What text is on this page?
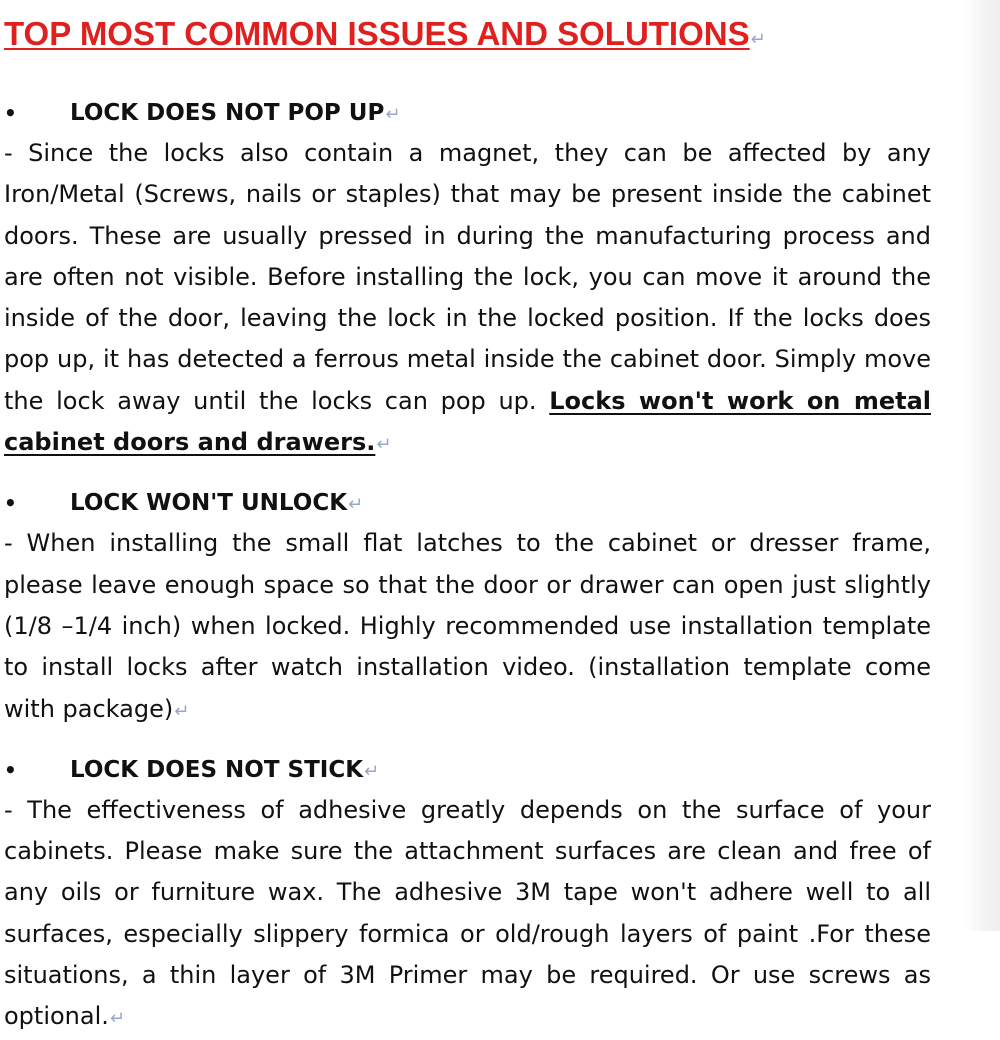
TOP MOST COMMON ISSUES AND SOLUTIONS↵
• LOCK DOES NOT POP UP↵

- Since the locks also contain a magnet, they can be affected by any Iron/Metal (Screws, nails or staples) that may be present inside the cabinet doors. These are usually pressed in during the manufacturing process and are often not visible. Before installing the lock, you can move it around the inside of the door, leaving the lock in the locked position. If the locks does pop up, it has detected a ferrous metal inside the cabinet door. Simply move the lock away until the locks can pop up. Locks won't work on metal cabinet doors and drawers.↵

• LOCK WON'T UNLOCK↵

- When installing the small flat latches to the cabinet or dresser frame, please leave enough space so that the door or drawer can open just slightly (1/8 –1/4 inch) when locked. Highly recommended use installation template to install locks after watch installation video. (installation template come with package)↵

• LOCK DOES NOT STICK↵

- The effectiveness of adhesive greatly depends on the surface of your cabinets. Please make sure the attachment surfaces are clean and free of any oils or furniture wax. The adhesive 3M tape won't adhere well to all surfaces, especially slippery formica or old/rough layers of paint .For these situations, a thin layer of 3M Primer may be required. Or use screws as optional.↵
